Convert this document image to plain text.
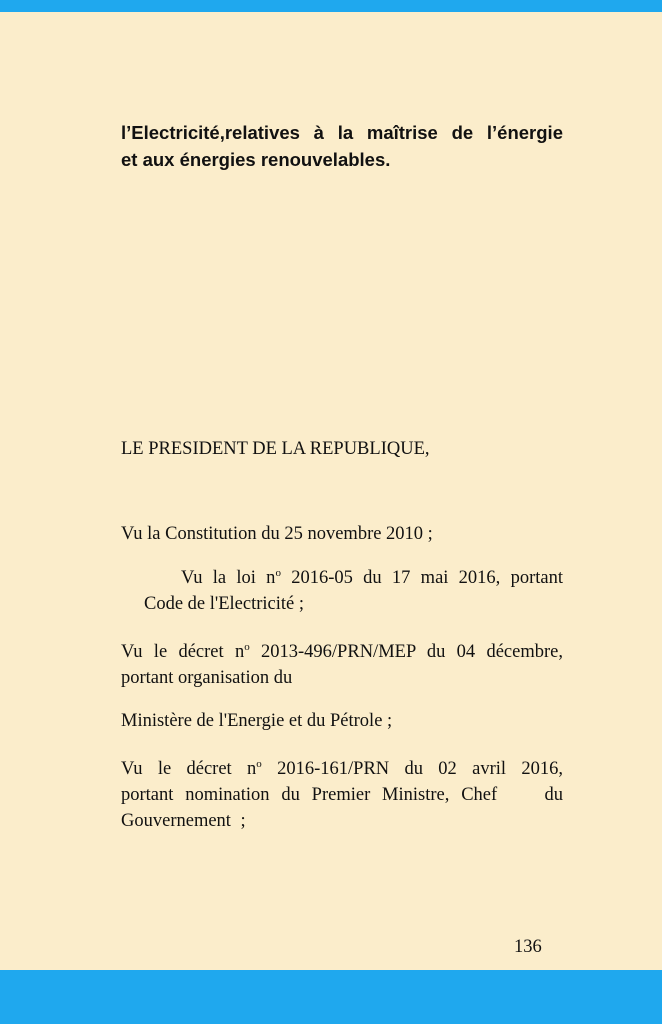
l’Electricité,relatives à la maîtrise de l’énergie
et aux énergies renouvelables.

LE PRESIDENT DE LA REPUBLIQUE,

Vu la Constitution du 25 novembre 2010 ;

Vu la loi $n^o$ 2016-05 du 17 mai 2016, portant
Code de l'Electricité ;

Vu le décret $n^o$ 2013-496/PRN/MEP du 04 décembre,
portant organisation du

Ministère de l'Energie et du Pétrole ;

Vu le décret $n^o$ 2016-161/PRN du 02 avril 2016,
portant nomination du Premier Ministre, Chef    du
Gouvernement ;

136
